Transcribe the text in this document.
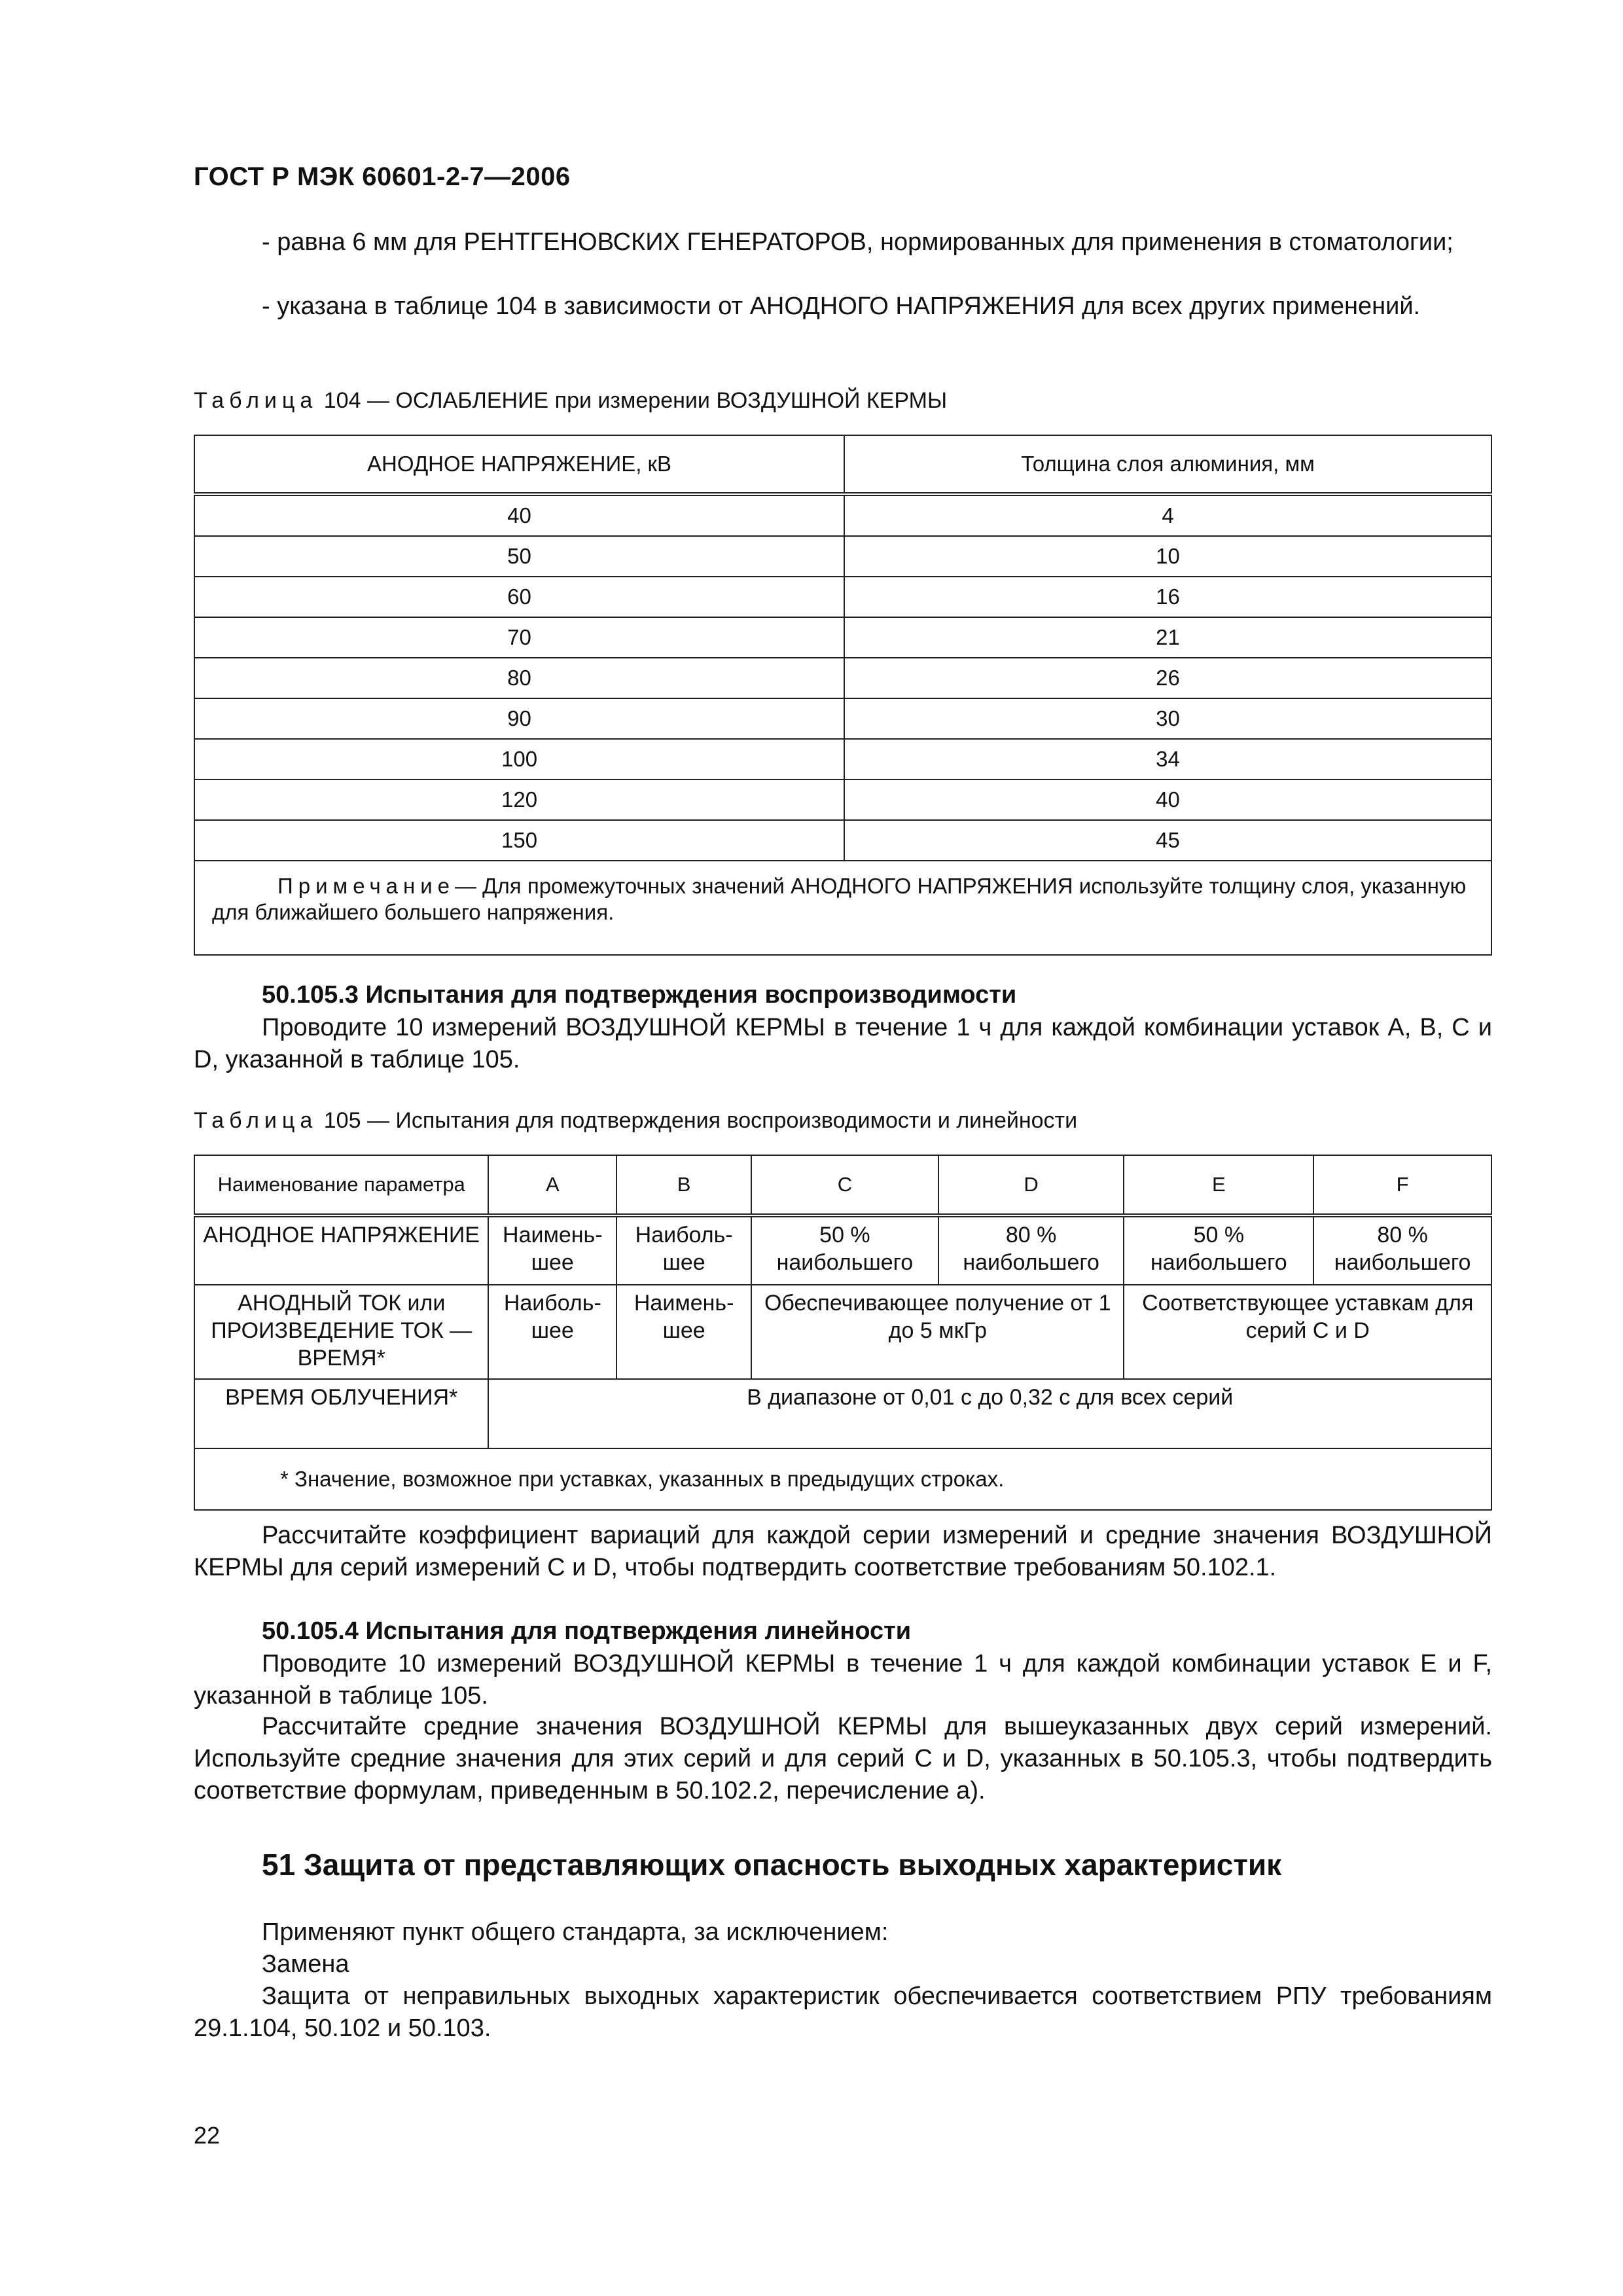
ГОСТ Р МЭК 60601-2-7—2006
- равна 6 мм для РЕНТГЕНОВСКИХ ГЕНЕРАТОРОВ, нормированных для применения в стоматологии;
- указана в таблице 104 в зависимости от АНОДНОГО НАПРЯЖЕНИЯ для всех других применений.
Таблица 104 — ОСЛАБЛЕНИЕ при измерении ВОЗДУШНОЙ КЕРМЫ
АНОДНОЕ НАПРЯЖЕНИЕ, кВ	Толщина слоя алюминия, мм
40	4
50	10
60	16
70	21
80	26
90	30
100	34
120	40
150	45
Примечание— Для промежуточных значений АНОДНОГО НАПРЯЖЕНИЯ используйте толщину слоя, указанную для ближайшего большего напряжения.	
50.105.3 Испытания для подтверждения воспроизводимости
Проводите 10 измерений ВОЗДУШНОЙ КЕРМЫ в течение 1 ч для каждой комбинации уставок A, B, C и D, указанной в таблице 105.
Таблица 105 — Испытания для подтверждения воспроизводимости и линейности
Наименование параметра	A	B	C	D	E	F
АНОДНОЕ НАПРЯЖЕНИЕ	Наимень-шее	Наиболь-шее	50 % наибольшего	80 % наибольшего	50 % наибольшего	80 % наибольшего
АНОДНЫЙ ТОК или ПРОИЗВЕДЕНИЕ ТОК — ВРЕМЯ*	Наиболь-шее	Наимень-шее	Обеспечивающее получение от 1 до 5 мкГр		Соответствующее уставкам для серий C и D	
ВРЕМЯ ОБЛУЧЕНИЯ*	В диапазоне от 0,01 с до 0,32 с для всех серий					
* Значение, возможное при уставках, указанных в предыдущих строках.						
Рассчитайте коэффициент вариаций для каждой серии измерений и средние значения ВОЗДУШНОЙ КЕРМЫ для серий измерений C и D, чтобы подтвердить соответствие требованиям 50.102.1.
50.105.4 Испытания для подтверждения линейности
Проводите 10 измерений ВОЗДУШНОЙ КЕРМЫ в течение 1 ч для каждой комбинации уставок E и F, указанной в таблице 105.
Рассчитайте средние значения ВОЗДУШНОЙ КЕРМЫ для вышеуказанных двух серий измерений. Используйте средние значения для этих серий и для серий C и D, указанных в 50.105.3, чтобы подтвердить соответствие формулам, приведенным в 50.102.2, перечисление а).
51 Защита от представляющих опасность выходных характеристик
Применяют пункт общего стандарта, за исключением:
Замена
Защита от неправильных выходных характеристик обеспечивается соответствием РПУ требованиям 29.1.104, 50.102 и 50.103.
22
